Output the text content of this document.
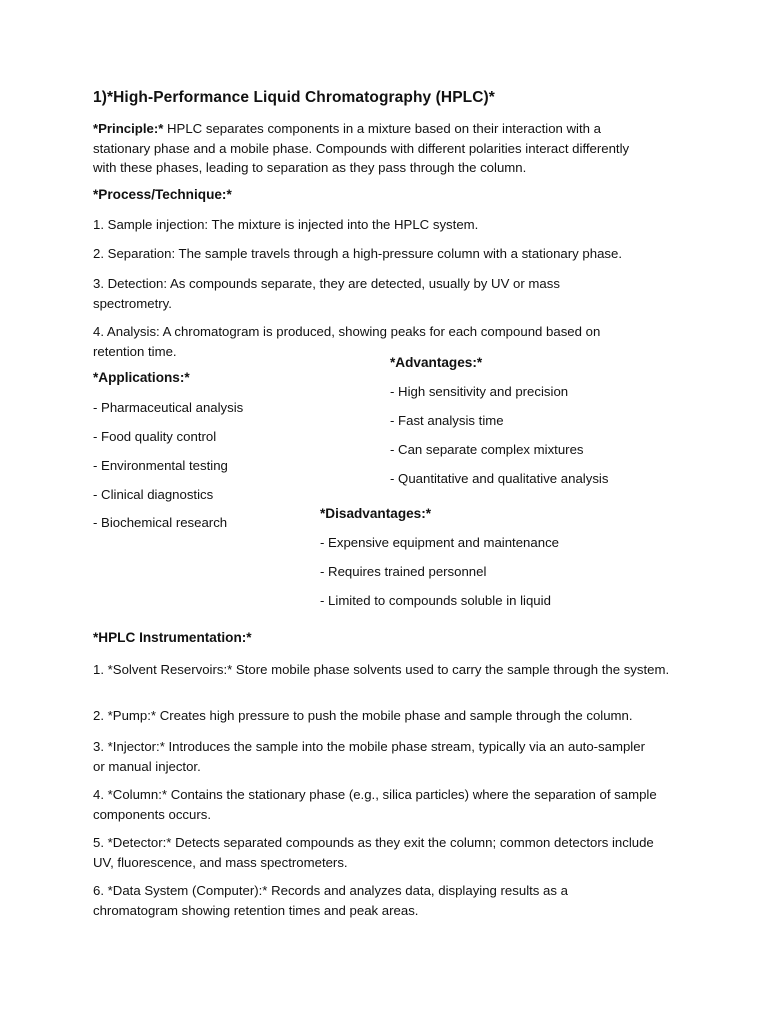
1)*High-Performance Liquid Chromatography (HPLC)*
*Principle:* HPLC separates components in a mixture based on their interaction with a stationary phase and a mobile phase. Compounds with different polarities interact differently with these phases, leading to separation as they pass through the column.
*Process/Technique:*
1. Sample injection: The mixture is injected into the HPLC system.
2. Separation: The sample travels through a high-pressure column with a stationary phase.
3. Detection: As compounds separate, they are detected, usually by UV or mass spectrometry.
4. Analysis: A chromatogram is produced, showing peaks for each compound based on retention time.
*Applications:*
- Pharmaceutical analysis
- Food quality control
- Environmental testing
- Clinical diagnostics
- Biochemical research
*Advantages:*
- High sensitivity and precision
- Fast analysis time
- Can separate complex mixtures
- Quantitative and qualitative analysis
*Disadvantages:*
- Expensive equipment and maintenance
- Requires trained personnel
- Limited to compounds soluble in liquid
*HPLC Instrumentation:*
1. *Solvent Reservoirs:* Store mobile phase solvents used to carry the sample through the system.
2. *Pump:* Creates high pressure to push the mobile phase and sample through the column.
3. *Injector:* Introduces the sample into the mobile phase stream, typically via an auto-sampler or manual injector.
4. *Column:* Contains the stationary phase (e.g., silica particles) where the separation of sample components occurs.
5. *Detector:* Detects separated compounds as they exit the column; common detectors include UV, fluorescence, and mass spectrometers.
6. *Data System (Computer):* Records and analyzes data, displaying results as a chromatogram showing retention times and peak areas.
